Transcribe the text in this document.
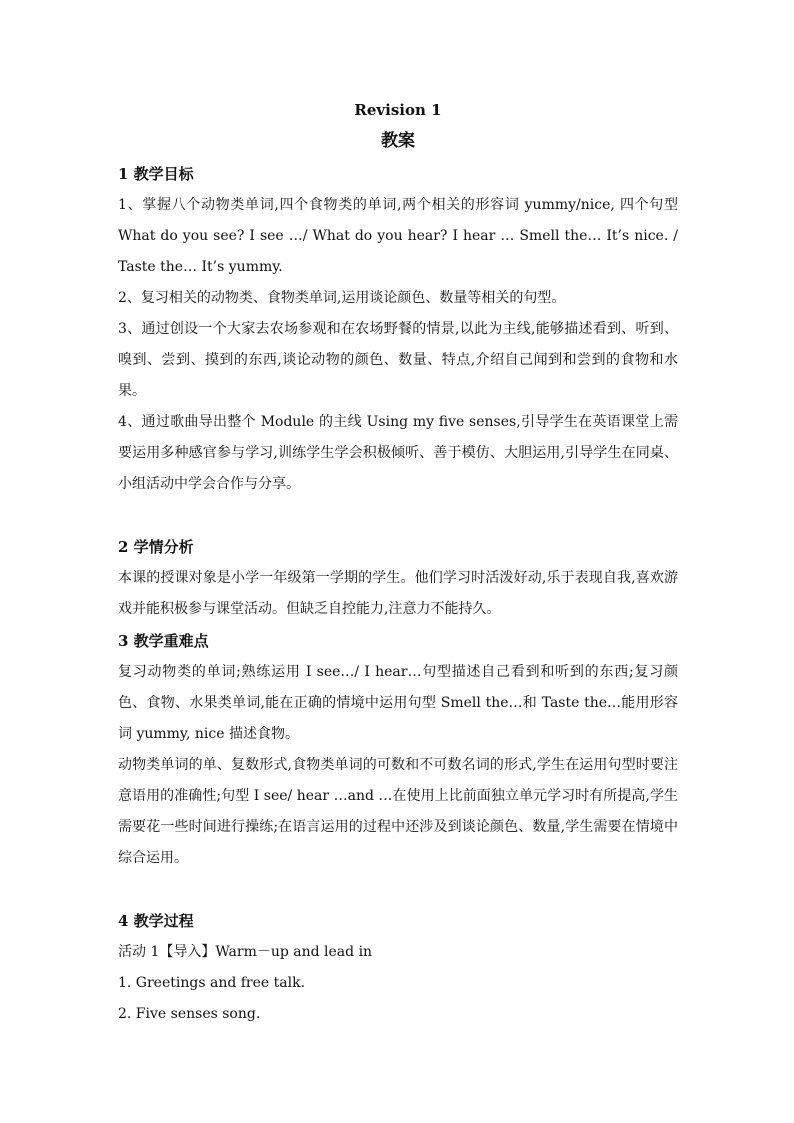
Revision 1
教案
1 教学目标

1、掌握八个动物类单词,四个食物类的单词,两个相关的形容词 yummy/nice, 四个句型 What do you see? I see …/ What do you hear? I hear … Smell the… It’s nice. / Taste the… It’s yummy.

2、复习相关的动物类、食物类单词,运用谈论颜色、数量等相关的句型。

3、通过创设一个大家去农场参观和在农场野餐的情景,以此为主线,能够描述看到、听到、嗅到、尝到、摸到的东西,谈论动物的颜色、数量、特点,介绍自己闻到和尝到的食物和水果。

4、通过歌曲导出整个 Module 的主线 Using my five senses,引导学生在英语课堂上需要运用多种感官参与学习,训练学生学会积极倾听、善于模仿、大胆运用,引导学生在同桌、小组活动中学会合作与分享。

2 学情分析

本课的授课对象是小学一年级第一学期的学生。他们学习时活泼好动,乐于表现自我,喜欢游戏并能积极参与课堂活动。但缺乏自控能力,注意力不能持久。

3 教学重难点

复习动物类的单词;熟练运用 I see…/ I hear…句型描述自己看到和听到的东西;复习颜色、食物、水果类单词,能在正确的情境中运用句型 Smell the…和 Taste the…能用形容词 yummy, nice 描述食物。

动物类单词的单、复数形式,食物类单词的可数和不可数名词的形式,学生在运用句型时要注意语用的准确性;句型 I see/ hear …and …在使用上比前面独立单元学习时有所提高,学生需要花一些时间进行操练;在语言运用的过程中还涉及到谈论颜色、数量,学生需要在情境中综合运用。

4 教学过程

活动 1【导入】Warm－up and lead in

1. Greetings and free talk.

2. Five senses song.
